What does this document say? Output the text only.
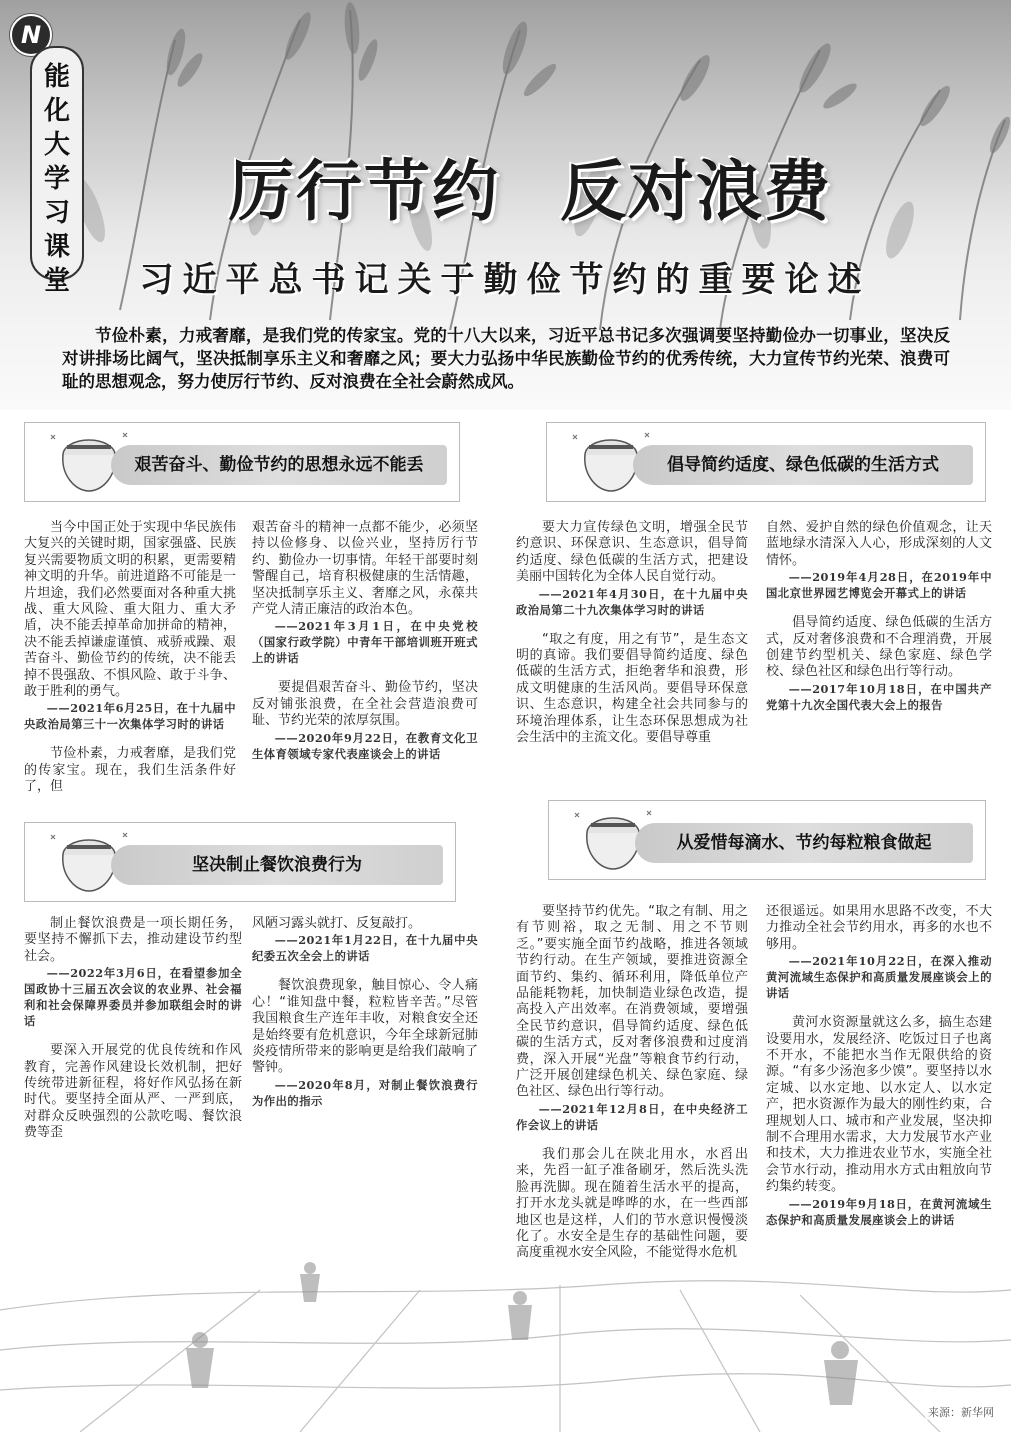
N
能化大学习课堂
厉行节约 反对浪费
习近平总书记关于勤俭节约的重要论述
节俭朴素，力戒奢靡，是我们党的传家宝。党的十八大以来，习近平总书记多次强调要坚持勤俭办一切事业，坚决反对讲排场比阔气，坚决抵制享乐主义和奢靡之风；要大力弘扬中华民族勤俭节约的优秀传统，大力宣传节约光荣、浪费可耻的思想观念，努力使厉行节约、反对浪费在全社会蔚然成风。
艰苦奋斗、勤俭节约的思想永远不能丢	倡导简约适度、绿色低碳的生活方式
坚决制止餐饮浪费行为
从爱惜每滴水、节约每粒粮食做起

当今中国正处于实现中华民族伟大复兴的关键时期，国家强盛、民族复兴需要物质文明的积累，更需要精神文明的升华。前进道路不可能是一片坦途，我们必然要面对各种重大挑战、重大风险、重大阻力、重大矛盾，决不能丢掉革命加拼命的精神，决不能丢掉谦虚谨慎、戒骄戒躁、艰苦奋斗、勤俭节约的传统，决不能丢掉不畏强敌、不惧风险、敢于斗争、敢于胜利的勇气。

——2021年6月25日，在十九届中央政治局第三十一次集体学习时的讲话

节俭朴素，力戒奢靡，是我们党的传家宝。现在，我们生活条件好了，但

艰苦奋斗的精神一点都不能少，必须坚持以俭修身、以俭兴业，坚持厉行节约、勤俭办一切事情。年轻干部要时刻警醒自己，培育积极健康的生活情趣，坚决抵制享乐主义、奢靡之风，永葆共产党人清正廉洁的政治本色。

——2021年3月1日，在中央党校（国家行政学院）中青年干部培训班开班式上的讲话

要提倡艰苦奋斗、勤俭节约，坚决反对铺张浪费，在全社会营造浪费可耻、节约光荣的浓厚氛围。

——2020年9月22日，在教育文化卫生体育领域专家代表座谈会上的讲话

要大力宣传绿色文明，增强全民节约意识、环保意识、生态意识，倡导简约适度、绿色低碳的生活方式，把建设美丽中国转化为全体人民自觉行动。

——2021年4月30日，在十九届中央政治局第二十九次集体学习时的讲话

“取之有度，用之有节”，是生态文明的真谛。我们要倡导简约适度、绿色低碳的生活方式，拒绝奢华和浪费，形成文明健康的生活风尚。要倡导环保意识、生态意识，构建全社会共同参与的环境治理体系，让生态环保思想成为社会生活中的主流文化。要倡导尊重

自然、爱护自然的绿色价值观念，让天蓝地绿水清深入人心，形成深刻的人文情怀。

——2019年4月28日，在2019年中国北京世界园艺博览会开幕式上的讲话

倡导简约适度、绿色低碳的生活方式，反对奢侈浪费和不合理消费，开展创建节约型机关、绿色家庭、绿色学校、绿色社区和绿色出行等行动。

——2017年10月18日，在中国共产党第十九次全国代表大会上的报告

制止餐饮浪费是一项长期任务，要坚持不懈抓下去，推动建设节约型社会。

——2022年3月6日，在看望参加全国政协十三届五次会议的农业界、社会福利和社会保障界委员并参加联组会时的讲话

要深入开展党的优良传统和作风教育，完善作风建设长效机制，把好传统带进新征程，将好作风弘扬在新时代。要坚持全面从严、一严到底，对群众反映强烈的公款吃喝、餐饮浪费等歪

风陋习露头就打、反复敲打。

——2021年1月22日，在十九届中央纪委五次全会上的讲话

餐饮浪费现象，触目惊心、令人痛心！“谁知盘中餐，粒粒皆辛苦。”尽管我国粮食生产连年丰收，对粮食安全还是始终要有危机意识，今年全球新冠肺炎疫情所带来的影响更是给我们敲响了警钟。

——2020年8月，对制止餐饮浪费行为作出的指示

要坚持节约优先。“取之有制、用之有节则裕，取之无制、用之不节则乏。”要实施全面节约战略，推进各领域节约行动。在生产领域，要推进资源全面节约、集约、循环利用，降低单位产品能耗物耗，加快制造业绿色改造，提高投入产出效率。在消费领域，要增强全民节约意识，倡导简约适度、绿色低碳的生活方式，反对奢侈浪费和过度消费，深入开展“光盘”等粮食节约行动，广泛开展创建绿色机关、绿色家庭、绿色社区、绿色出行等行动。

——2021年12月8日，在中央经济工作会议上的讲话

我们那会儿在陕北用水，水舀出来，先舀一缸子准备刷牙，然后洗头洗脸再洗脚。现在随着生活水平的提高，打开水龙头就是哗哗的水，在一些西部地区也是这样，人们的节水意识慢慢淡化了。水安全是生存的基础性问题，要高度重视水安全风险，不能觉得水危机

还很遥远。如果用水思路不改变，不大力推动全社会节约用水，再多的水也不够用。

——2021年10月22日，在深入推动黄河流域生态保护和高质量发展座谈会上的讲话

黄河水资源量就这么多，搞生态建设要用水，发展经济、吃饭过日子也离不开水，不能把水当作无限供给的资源。“有多少汤泡多少馍”。要坚持以水定城、以水定地、以水定人、以水定产，把水资源作为最大的刚性约束，合理规划人口、城市和产业发展，坚决抑制不合理用水需求，大力发展节水产业和技术，大力推进农业节水，实施全社会节水行动，推动用水方式由粗放向节约集约转变。

——2019年9月18日，在黄河流域生态保护和高质量发展座谈会上的讲话

来源：新华网
